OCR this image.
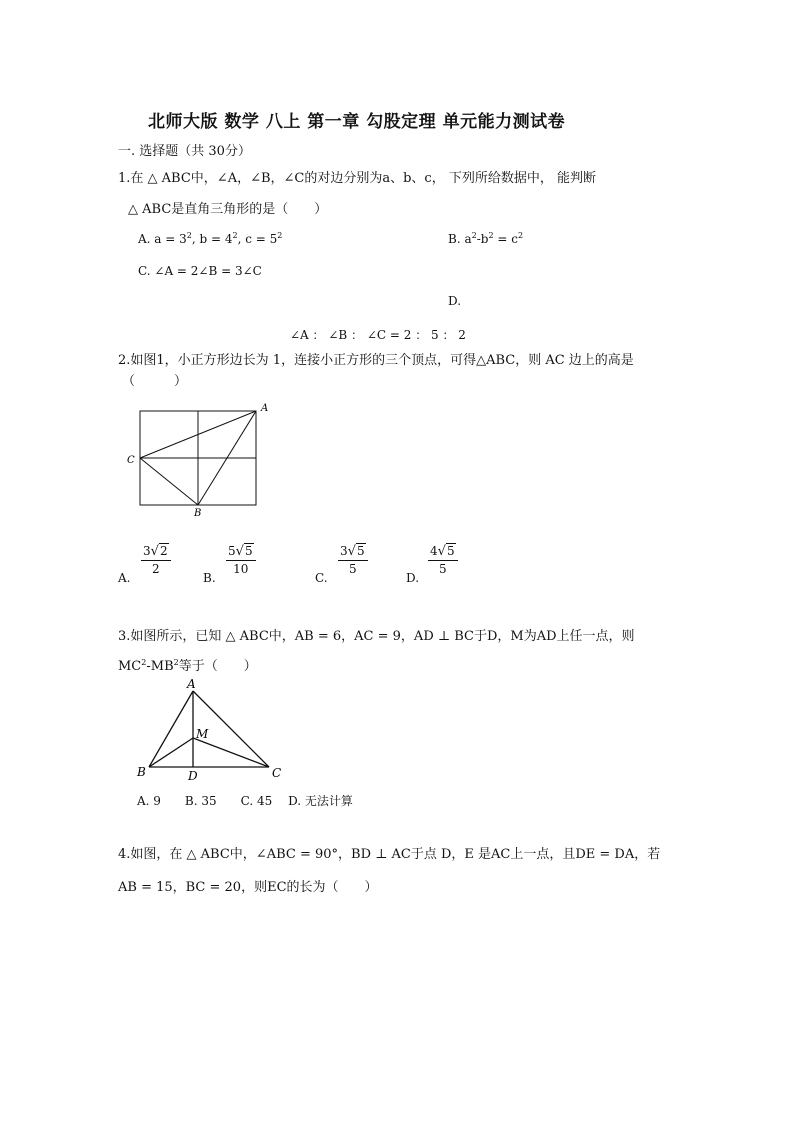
北师大版 数学 八上 第一章 勾股定理 单元能力测试卷
一. 选择题（共 30分）
1.在 △ ABC中，∠A，∠B，∠C的对边分别为a、b、c， 下列所给数据中， 能判断
△ ABC是直角三角形的是（　　）
A. $a = 3^2$, $b = 4^2$, $c = 5^2$	B. $a^2-b^2 = c^2$
C. ∠A = 2∠B = 3∠C
D.
∠A ： ∠B ： ∠C = 2 ： 5 ： 2
2.如图1，小正方形边长为 1，连接小正方形的三个顶点，可得△ABC，则 AC 边上的高是
（　　　）
A
C
B
A.
$\frac{3√2}{2}$
B.
$\frac{5√5}{10}$
C.
$\frac{3√5}{5}$
D.
$\frac{4√5}{5}$
3.如图所示，已知 △ ABC中，AB = 6，AC = 9，AD ⊥ BC于D，M为AD上任一点，则
$MC^2-MB^2$等于（　　）
A
M
B	D	C
A. 9　　B. 35　　C. 45　 D. 无法计算
4.如图，在 △ ABC中，∠ABC = 90°，BD ⊥ AC于点 D，E 是AC上一点，且DE = DA，若
AB = 15，BC = 20，则EC的长为（　　）
